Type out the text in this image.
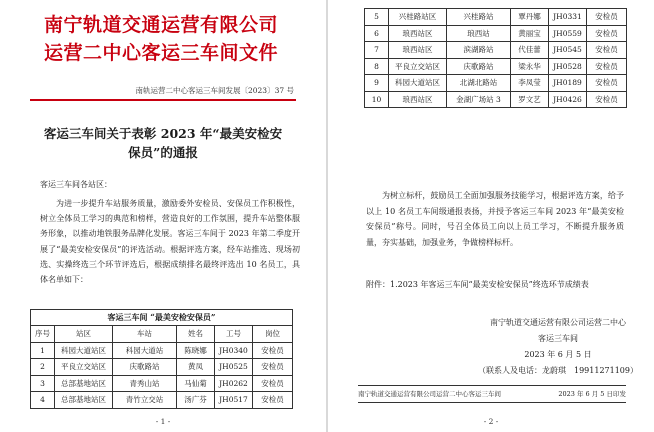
南宁轨道交通运营有限公司
运营二中心客运三车间文件
南轨运营二中心客运三车间发展〔2023〕37 号
客运三车间关于表彰 2023 年“最美安检安保员”的通报
客运三车间各站区：

为进一步提升车站服务质量，激励委外安检员、安保员工作积极性，树立全体员工学习的典范和榜样，营造良好的工作氛围，提升车站整体服务形象，以推动地铁服务品牌化发展。客运三车间于 2023 年第二季度开展了“最美安检安保员”的评选活动。根据评选方案，经车站推选、现场初选、实操终选三个环节评选后，根据成绩排名最终评选出 10 名员工，具体名单如下：

客运三车间 “最美安检安保员”
序号	站区	车站	姓名	工号	岗位
1	科园大道站区	科园大道站	陈晓娜	JH0340	安检员
2	平良立交站区	庆歌路站	黄凤	JH0525	安检员
3	总部基地站区	青秀山站	马仙菊	JH0262	安检员
4	总部基地站区	青竹立交站	汤广芬	JH0517	安检员
- 1 -
5	兴桂路站区	兴桂路站	覃丹娜	JH0331	安检员
6	琅西站区	琅西站	黄丽宝	JH0559	安检员
7	琅西站区	滨湖路站	代佳蕾	JH0545	安检员
8	平良立交站区	庆歌路站	梁永华	JH0528	安检员
9	科园大道站区	北湖北路站	李凤莹	JH0189	安检员
10	琅西站区	金湖广场站 3	罗文艺	JH0426	安检员

为树立标杆，鼓励员工全面加强服务技能学习，根据评选方案，给予以上 10 名员工车间级通报表扬，并授予客运三车间 2023 年“最美安检安保员”称号。同时，号召全体员工向以上员工学习，不断提升服务质量，夯实基础，加强业务，争做榜样标杆。

附件：1.2023 年客运三车间“最美安检安保员”终选环节成绩表

南宁轨道交通运营有限公司运营二中心
客运三车间
2023 年 6 月 5 日
（联系人及电话：龙蔚琪　19911271109）
南宁轨道交通运营有限公司运营二中心客运三车间	2023 年 6 月 5 日印发
- 2 -
